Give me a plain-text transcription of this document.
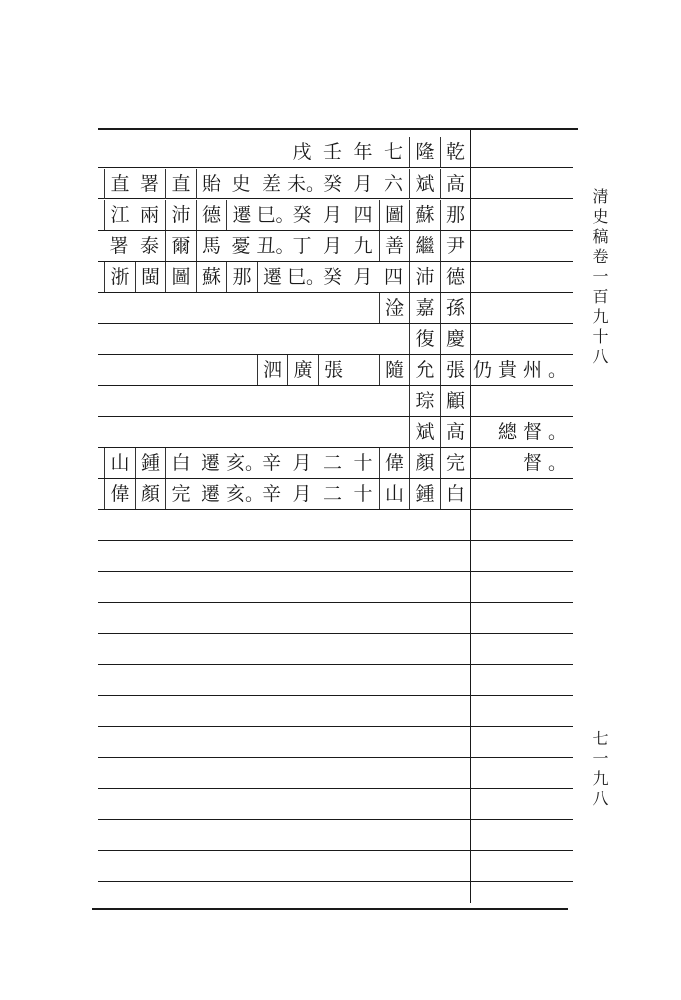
清史稿卷一百九十八
七一九八
乾
隆
七
年
壬
戌
高
斌
六
月
癸
未。
差
史
貽
直
署
直
那
蘇
圖
四
月
癸
巳。
遷
德
沛
兩
江
尹
繼
善
九
月
丁
丑。
憂
馬
爾
泰
署
德
沛
四
月
癸
巳。
遷
那
蘇
圖
閩
浙
孫
嘉
淦
慶
復
張
允
隨
張
廣
泗
顧
琮
高
斌
完
顏
偉
十
二
月
辛
亥。
遷
白
鍾
山
白
鍾
山
十
二
月
辛
亥。
遷
完
顏
偉
仍貴州。
總督。
督。
